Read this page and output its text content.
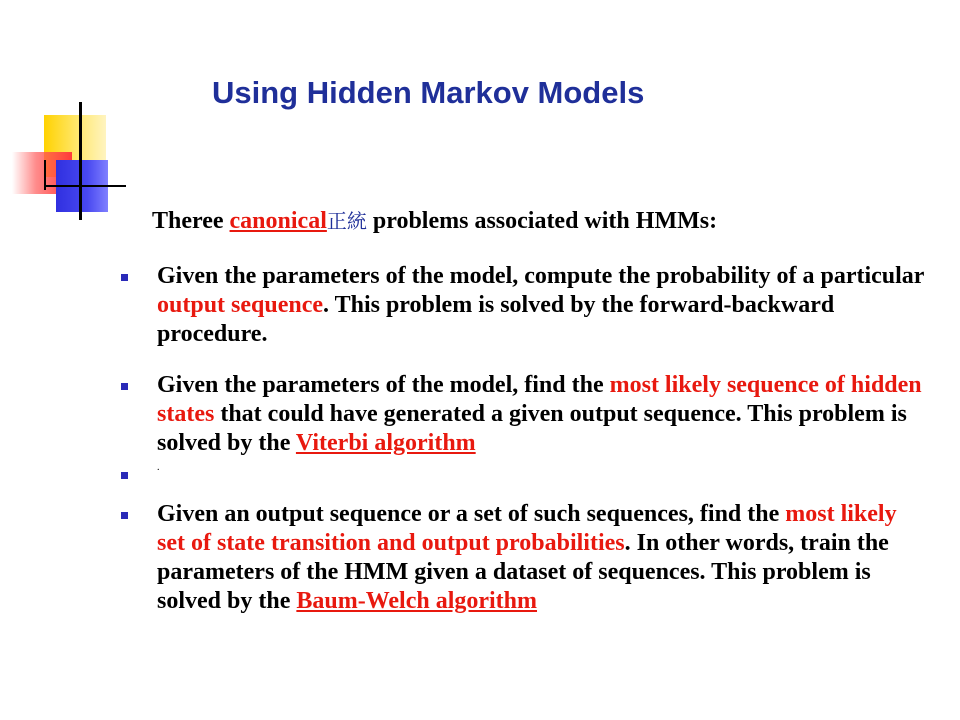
Using Hidden Markov Models
Theree canonical正統 problems associated with HMMs:
Given the parameters of the model, compute the probability of a particular output sequence. This problem is solved by the forward-backward procedure.
Given the parameters of the model, find the most likely sequence of hidden states that could have generated a given output sequence. This problem is solved by the Viterbi algorithm
.
Given an output sequence or a set of such sequences, find the most likely set of state transition and output probabilities. In other words, train the parameters of the HMM given a dataset of sequences. This problem is solved by the Baum-Welch algorithm
